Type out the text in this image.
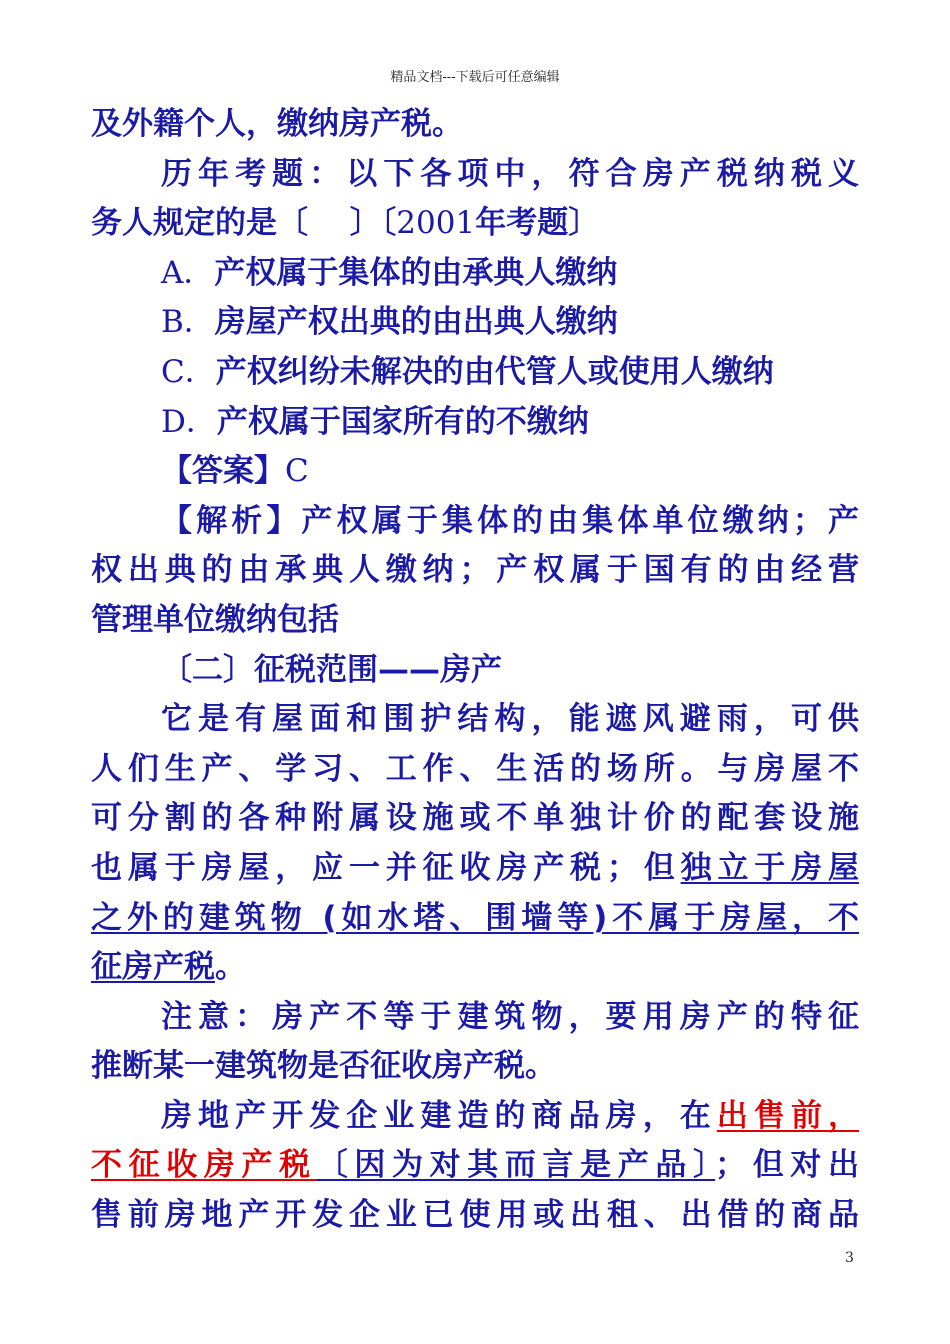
精品文档---下载后可任意编辑
及外籍个人，缴纳房产税。
历年考题：以下各项中，符合房产税纳税义
务人规定的是〔　 〕〔2001年考题〕
A．产权属于集体的由承典人缴纳
B．房屋产权出典的由出典人缴纳
C．产权纠纷未解决的由代管人或使用人缴纳
D．产权属于国家所有的不缴纳
【答案】C
【解析】产权属于集体的由集体单位缴纳；产
权出典的由承典人缴纳；产权属于国有的由经营
管理单位缴纳包括
〔二〕征税范围——房产
它是有屋面和围护结构，能遮风避雨，可供
人们生产、学习、工作、生活的场所。与房屋不
可分割的各种附属设施或不单独计价的配套设施
也属于房屋，应一并征收房产税；但独立于房屋
之外的建筑物 (如水塔、围墙等)不属于房屋，不
征房产税。
注意：房产不等于建筑物，要用房产的特征
推断某一建筑物是否征收房产税。
房地产开发企业建造的商品房，在出售前，
不征收房产税〔因为对其而言是产品〕；但对出
售前房地产开发企业已使用或出租、出借的商品
3
